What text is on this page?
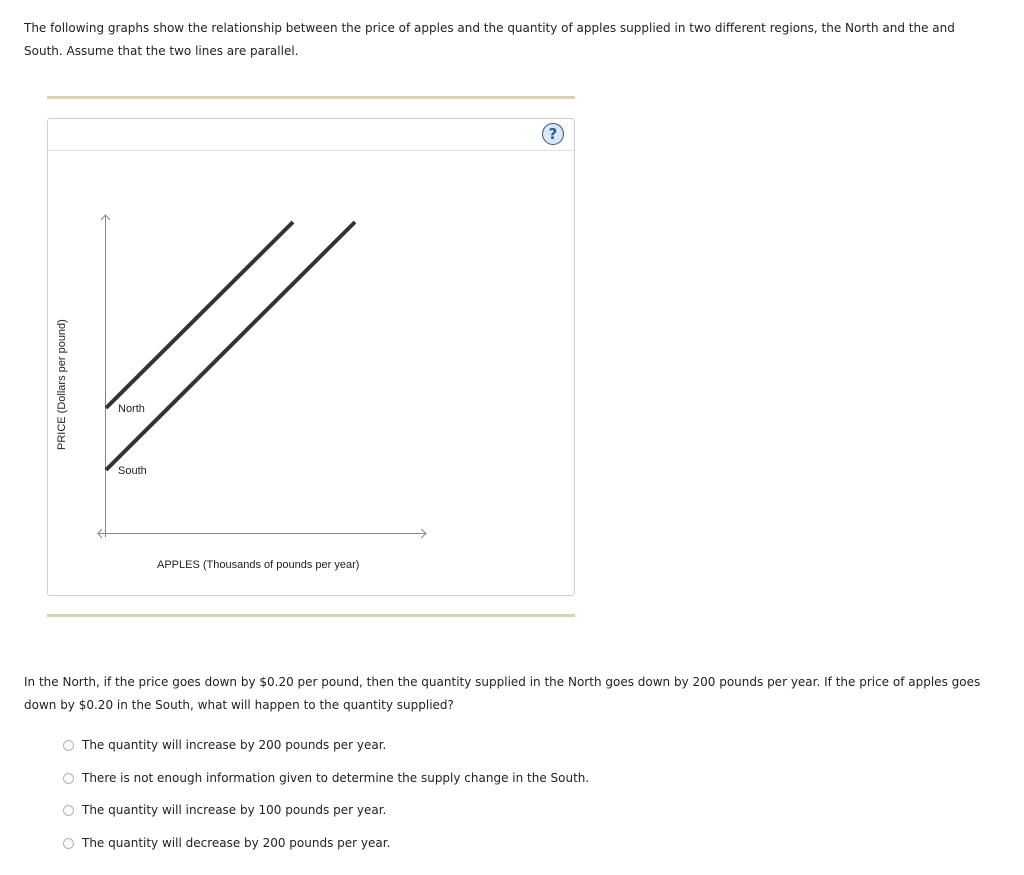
The following graphs show the relationship between the price of apples and the quantity of apples supplied in two different regions, the North and the and South. Assume that the two lines are parallel.
?
North
South
PRICE (Dollars per pound)
APPLES (Thousands of pounds per year)
In the North, if the price goes down by $0.20 per pound, then the quantity supplied in the North goes down by 200 pounds per year. If the price of apples goes down by $0.20 in the South, what will happen to the quantity supplied?
The quantity will increase by 200 pounds per year.
There is not enough information given to determine the supply change in the South.
The quantity will increase by 100 pounds per year.
The quantity will decrease by 200 pounds per year.
